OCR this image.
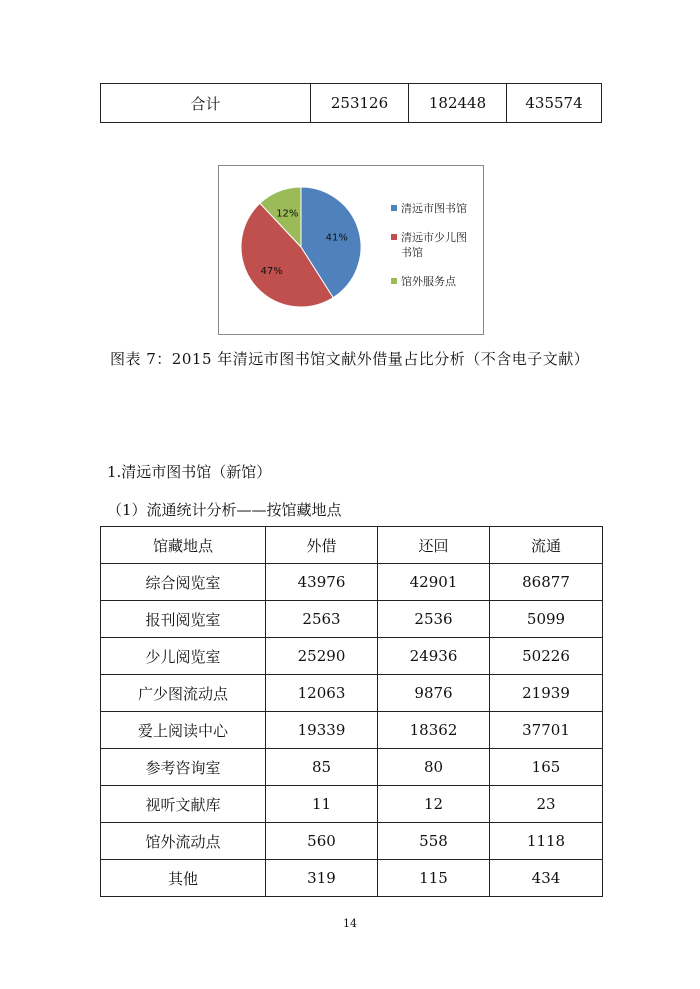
合计	253126	182448	435574
41%
47%
12%	清远市图书馆
清远市少儿图
书馆
馆外服务点
图表 7：2015 年清远市图书馆文献外借量占比分析（不含电子文献）
1.清远市图书馆（新馆）
（1）流通统计分析——按馆藏地点
馆藏地点	外借	还回	流通
综合阅览室	43976	42901	86877
报刊阅览室	2563	2536	5099
少儿阅览室	25290	24936	50226
广少图流动点	12063	9876	21939
爱上阅读中心	19339	18362	37701
参考咨询室	85	80	165
视听文献库	11	12	23
馆外流动点	560	558	1118
其他	319	115	434
14
